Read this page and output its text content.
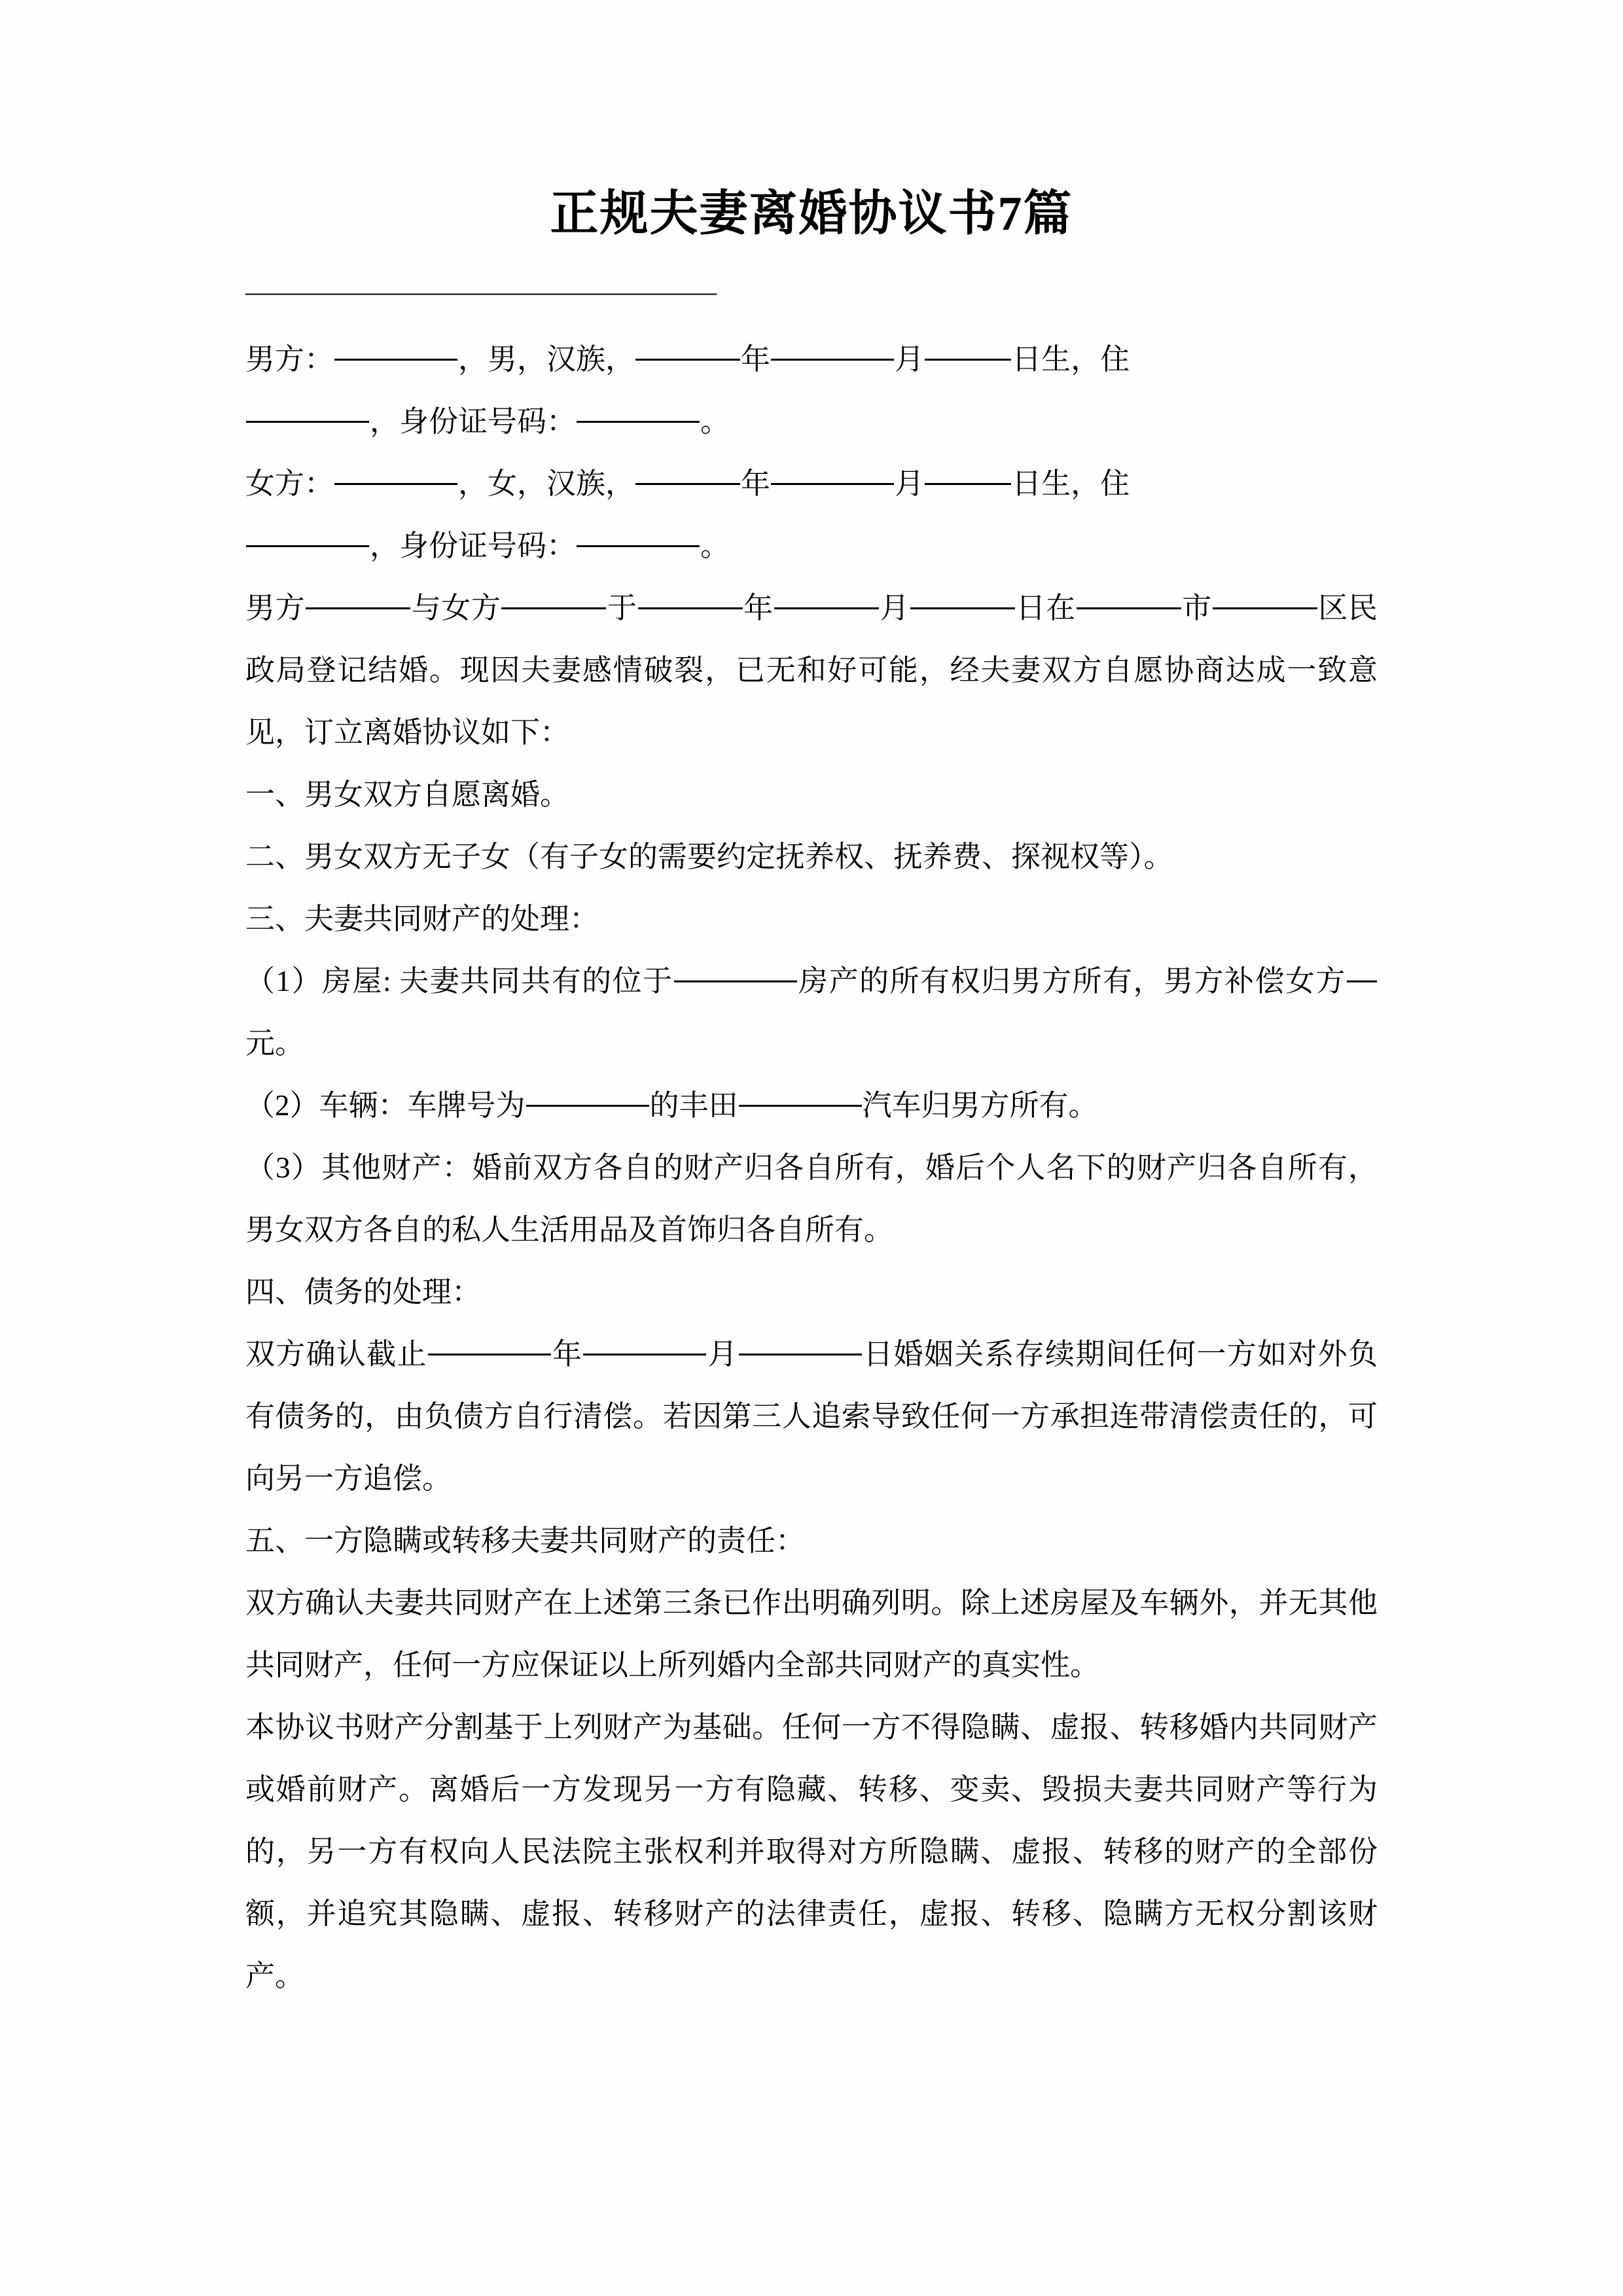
正规夫妻离婚协议书7篇
——————————————————

男方：	，男，汉族，	年	月	日生，住

，身份证号码：	。

女方：	，女，汉族，	年	月	日生，住

，身份证号码：	。

男方	与女方	于	年	月	日在	市	区民政局登记结婚。现因夫妻感情破裂，已无和好可能，经夫妻双方自愿协商达成一致意见，订立离婚协议如下：

一、男女双方自愿离婚。

二、男女双方无子女（有子女的需要约定抚养权、抚养费、探视权等）。

三、夫妻共同财产的处理：

（1）房屋: 夫妻共同共有的位于	房产的所有权归男方所有，男方补偿女方 元。

（2）车辆：车牌号为	的丰田	汽车归男方所有。

（3）其他财产：婚前双方各自的财产归各自所有，婚后个人名下的财产归各自所有，男女双方各自的私人生活用品及首饰归各自所有。

四、债务的处理：

双方确认截止	年	月	日婚姻关系存续期间任何一方如对外负有债务的，由负债方自行清偿。若因第三人追索导致任何一方承担连带清偿责任的，可向另一方追偿。

五、一方隐瞒或转移夫妻共同财产的责任：

双方确认夫妻共同财产在上述第三条已作出明确列明。除上述房屋及车辆外，并无其他共同财产，任何一方应保证以上所列婚内全部共同财产的真实性。

本协议书财产分割基于上列财产为基础。任何一方不得隐瞒、虚报、转移婚内共同财产或婚前财产。离婚后一方发现另一方有隐藏、转移、变卖、毁损夫妻共同财产等行为的，另一方有权向人民法院主张权利并取得对方所隐瞒、虚报、转移的财产的全部份额，并追究其隐瞒、虚报、转移财产的法律责任，虚报、转移、隐瞒方无权分割该财产。
